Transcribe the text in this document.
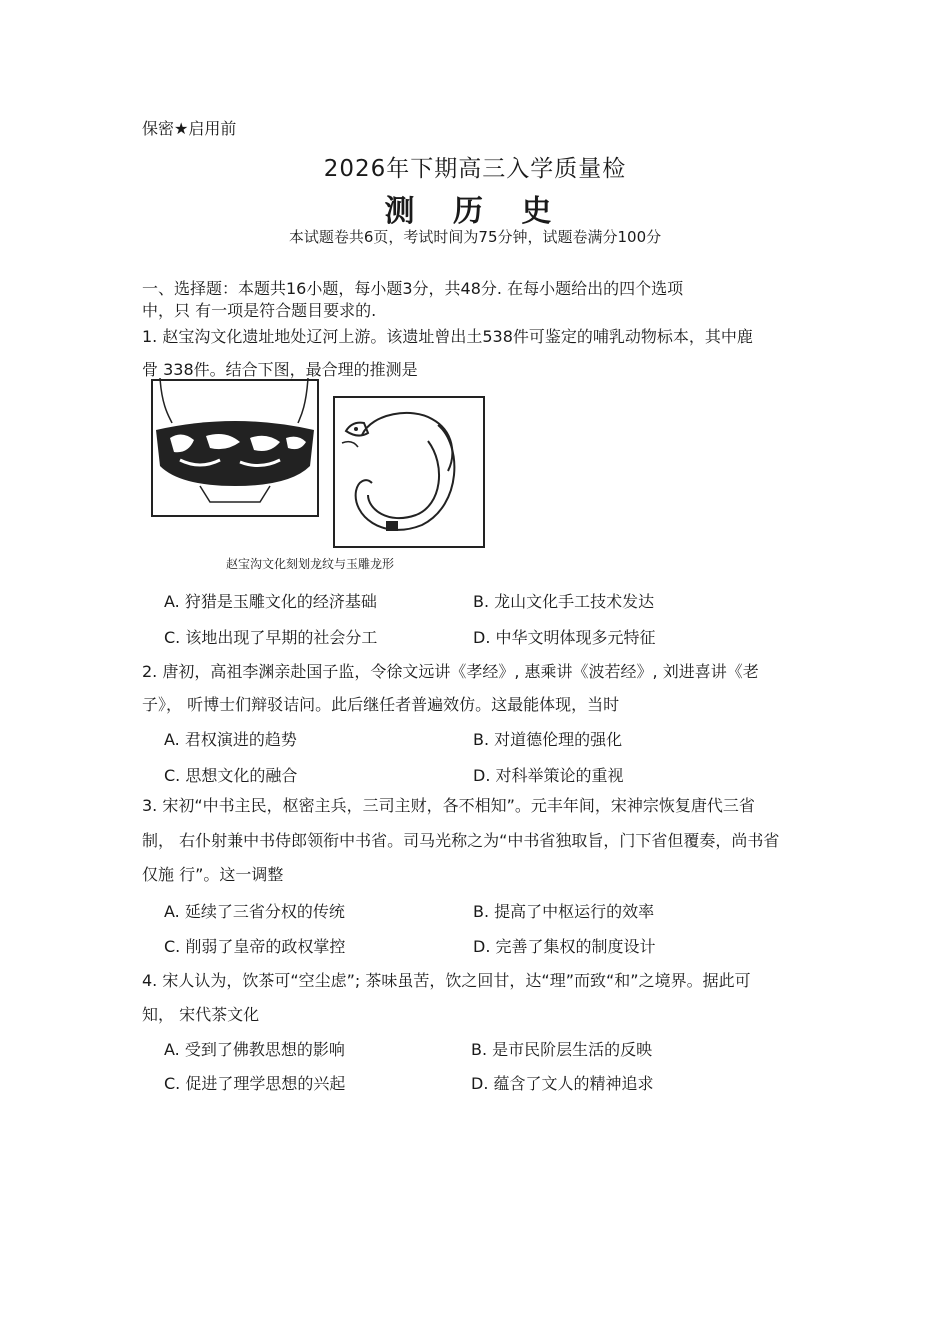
保密★启用前
2026年下期高三入学质量检
测 历 史
本试题卷共6页，考试时间为75分钟，试题卷满分100分
一、选择题：本题共16小题，每小题3分，共48分. 在每小题给出的四个选项
中，只 有一项是符合题目要求的.
1. 赵宝沟文化遗址地处辽河上游。该遗址曾出土538件可鉴定的哺乳动物标本，其中鹿
骨 338件。结合下图，最合理的推测是
赵宝沟文化刻划龙纹与玉雕龙形
A. 狩猎是玉雕文化的经济基础	B. 龙山文化手工技术发达
C. 该地出现了早期的社会分工	D. 中华文明体现多元特征
2. 唐初，高祖李渊亲赴国子监，令徐文远讲《孝经》, 惠乘讲《波若经》, 刘进喜讲《老
子》， 听博士们辩驳诘问。此后继任者普遍效仿。这最能体现，当时
A. 君权演进的趋势	B. 对道德伦理的强化
C. 思想文化的融合	D. 对科举策论的重视
3. 宋初“中书主民，枢密主兵，三司主财，各不相知”。元丰年间，宋神宗恢复唐代三省
制， 右仆射兼中书侍郎领衔中书省。司马光称之为“中书省独取旨，门下省但覆奏，尚书省
仅施 行”。这一调整
A. 延续了三省分权的传统	B. 提高了中枢运行的效率
C. 削弱了皇帝的政权掌控	D. 完善了集权的制度设计
4. 宋人认为，饮茶可“空尘虑”; 茶味虽苦，饮之回甘，达“理”而致“和”之境界。据此可
知， 宋代茶文化
A. 受到了佛教思想的影响	B. 是市民阶层生活的反映
C. 促进了理学思想的兴起	D. 蕴含了文人的精神追求
